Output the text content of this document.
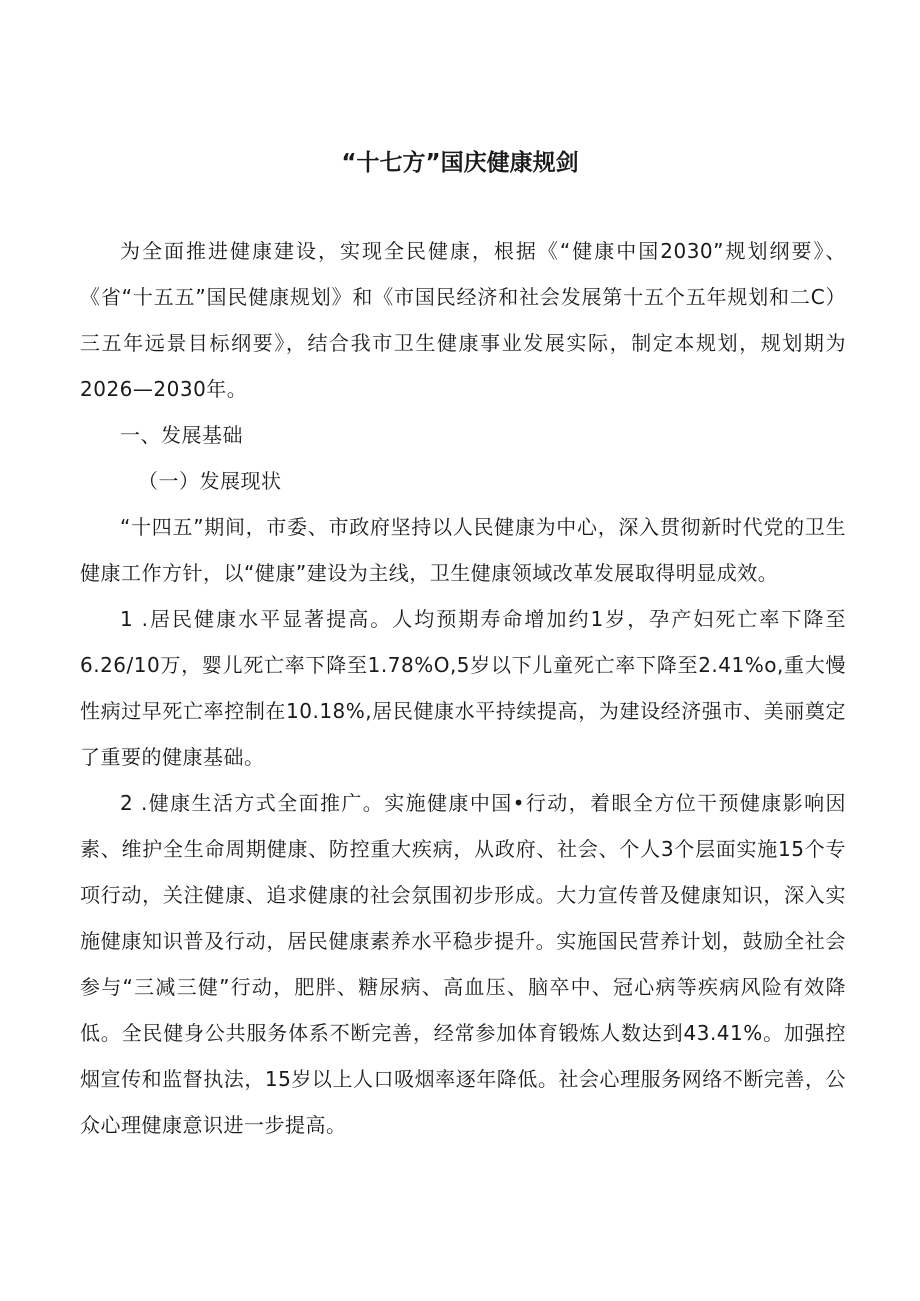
“十七方”国庆健康规剑

为全面推进健康建设，实现全民健康，根据《“健康中国2030”规划纲要》、《省“十五五”国民健康规划》和《市国民经济和社会发展第十五个五年规划和二C）三五年远景目标纲要》，结合我市卫生健康事业发展实际，制定本规划，规划期为2026—2030年。

一、发展基础

（一）发展现状

“十四五”期间，市委、市政府坚持以人民健康为中心，深入贯彻新时代党的卫生健康工作方针，以“健康”建设为主线，卫生健康领域改革发展取得明显成效。

1 .居民健康水平显著提高。人均预期寿命增加约1岁，孕产妇死亡率下降至6.26/10万，婴儿死亡率下降至1.78%O,5岁以下儿童死亡率下降至2.41%o,重大慢性病过早死亡率控制在10.18%,居民健康水平持续提高，为建设经济强市、美丽奠定了重要的健康基础。

2 .健康生活方式全面推广。实施健康中国•行动，着眼全方位干预健康影响因素、维护全生命周期健康、防控重大疾病，从政府、社会、个人3个层面实施15个专项行动，关注健康、追求健康的社会氛围初步形成。大力宣传普及健康知识，深入实施健康知识普及行动，居民健康素养水平稳步提升。实施国民营养计划，鼓励全社会参与“三减三健”行动，肥胖、糖尿病、高血压、脑卒中、冠心病等疾病风险有效降低。全民健身公共服务体系不断完善，经常参加体育锻炼人数达到43.41%。加强控烟宣传和监督执法，15岁以上人口吸烟率逐年降低。社会心理服务网络不断完善，公众心理健康意识进一步提高。
